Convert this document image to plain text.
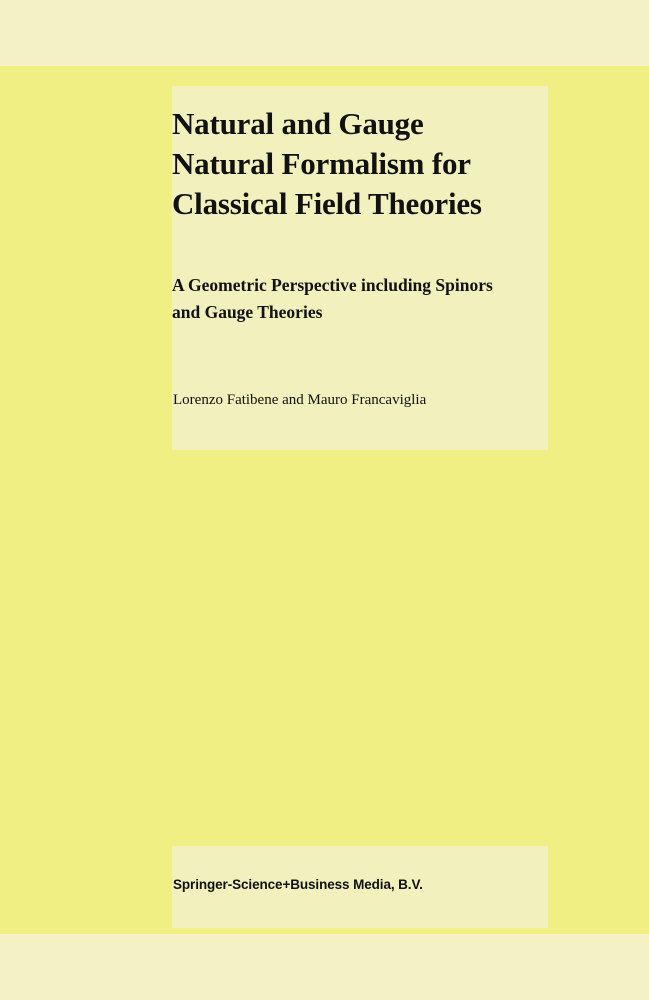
Natural and Gauge
Natural Formalism for
Classical Field Theories
A Geometric Perspective including Spinors
and Gauge Theories
Lorenzo Fatibene and Mauro Francaviglia
Springer-Science+Business Media, B.V.
